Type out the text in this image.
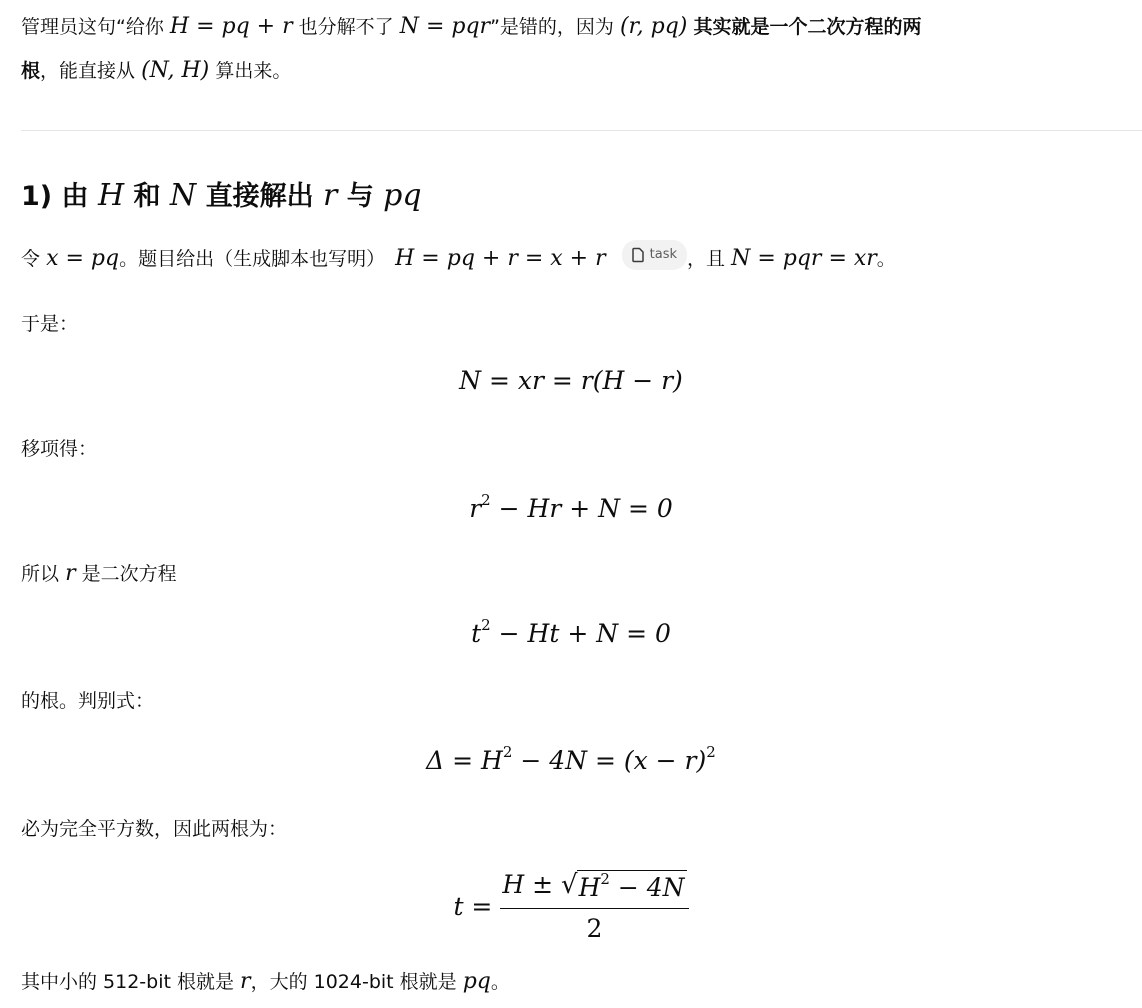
管理员这句“给你 H = pq + r 也分解不了 N = pqr”是错的，因为 (r, pq) 其实就是一个二次方程的两
根，能直接从 (N, H) 算出来。
1) 由 H 和 N 直接解出 r 与 pq
令 x = pq。题目给出（生成脚本也写明） H = pq + r = x + r	task ，且 N = pqr = xr。
于是：
N = xr = r(H − r)
移项得：
$r^2 - Hr + N = 0$
所以 r 是二次方程
$t^2 - Ht + N = 0$
的根。判别式：
$\Delta = H^2 - 4N = (x - r)^2$
必为完全平方数，因此两根为：
$t = \frac{H \pm √ H^2 - 4N}{2}$
其中小的 512-bit 根就是 r，大的 1024-bit 根就是 pq。
